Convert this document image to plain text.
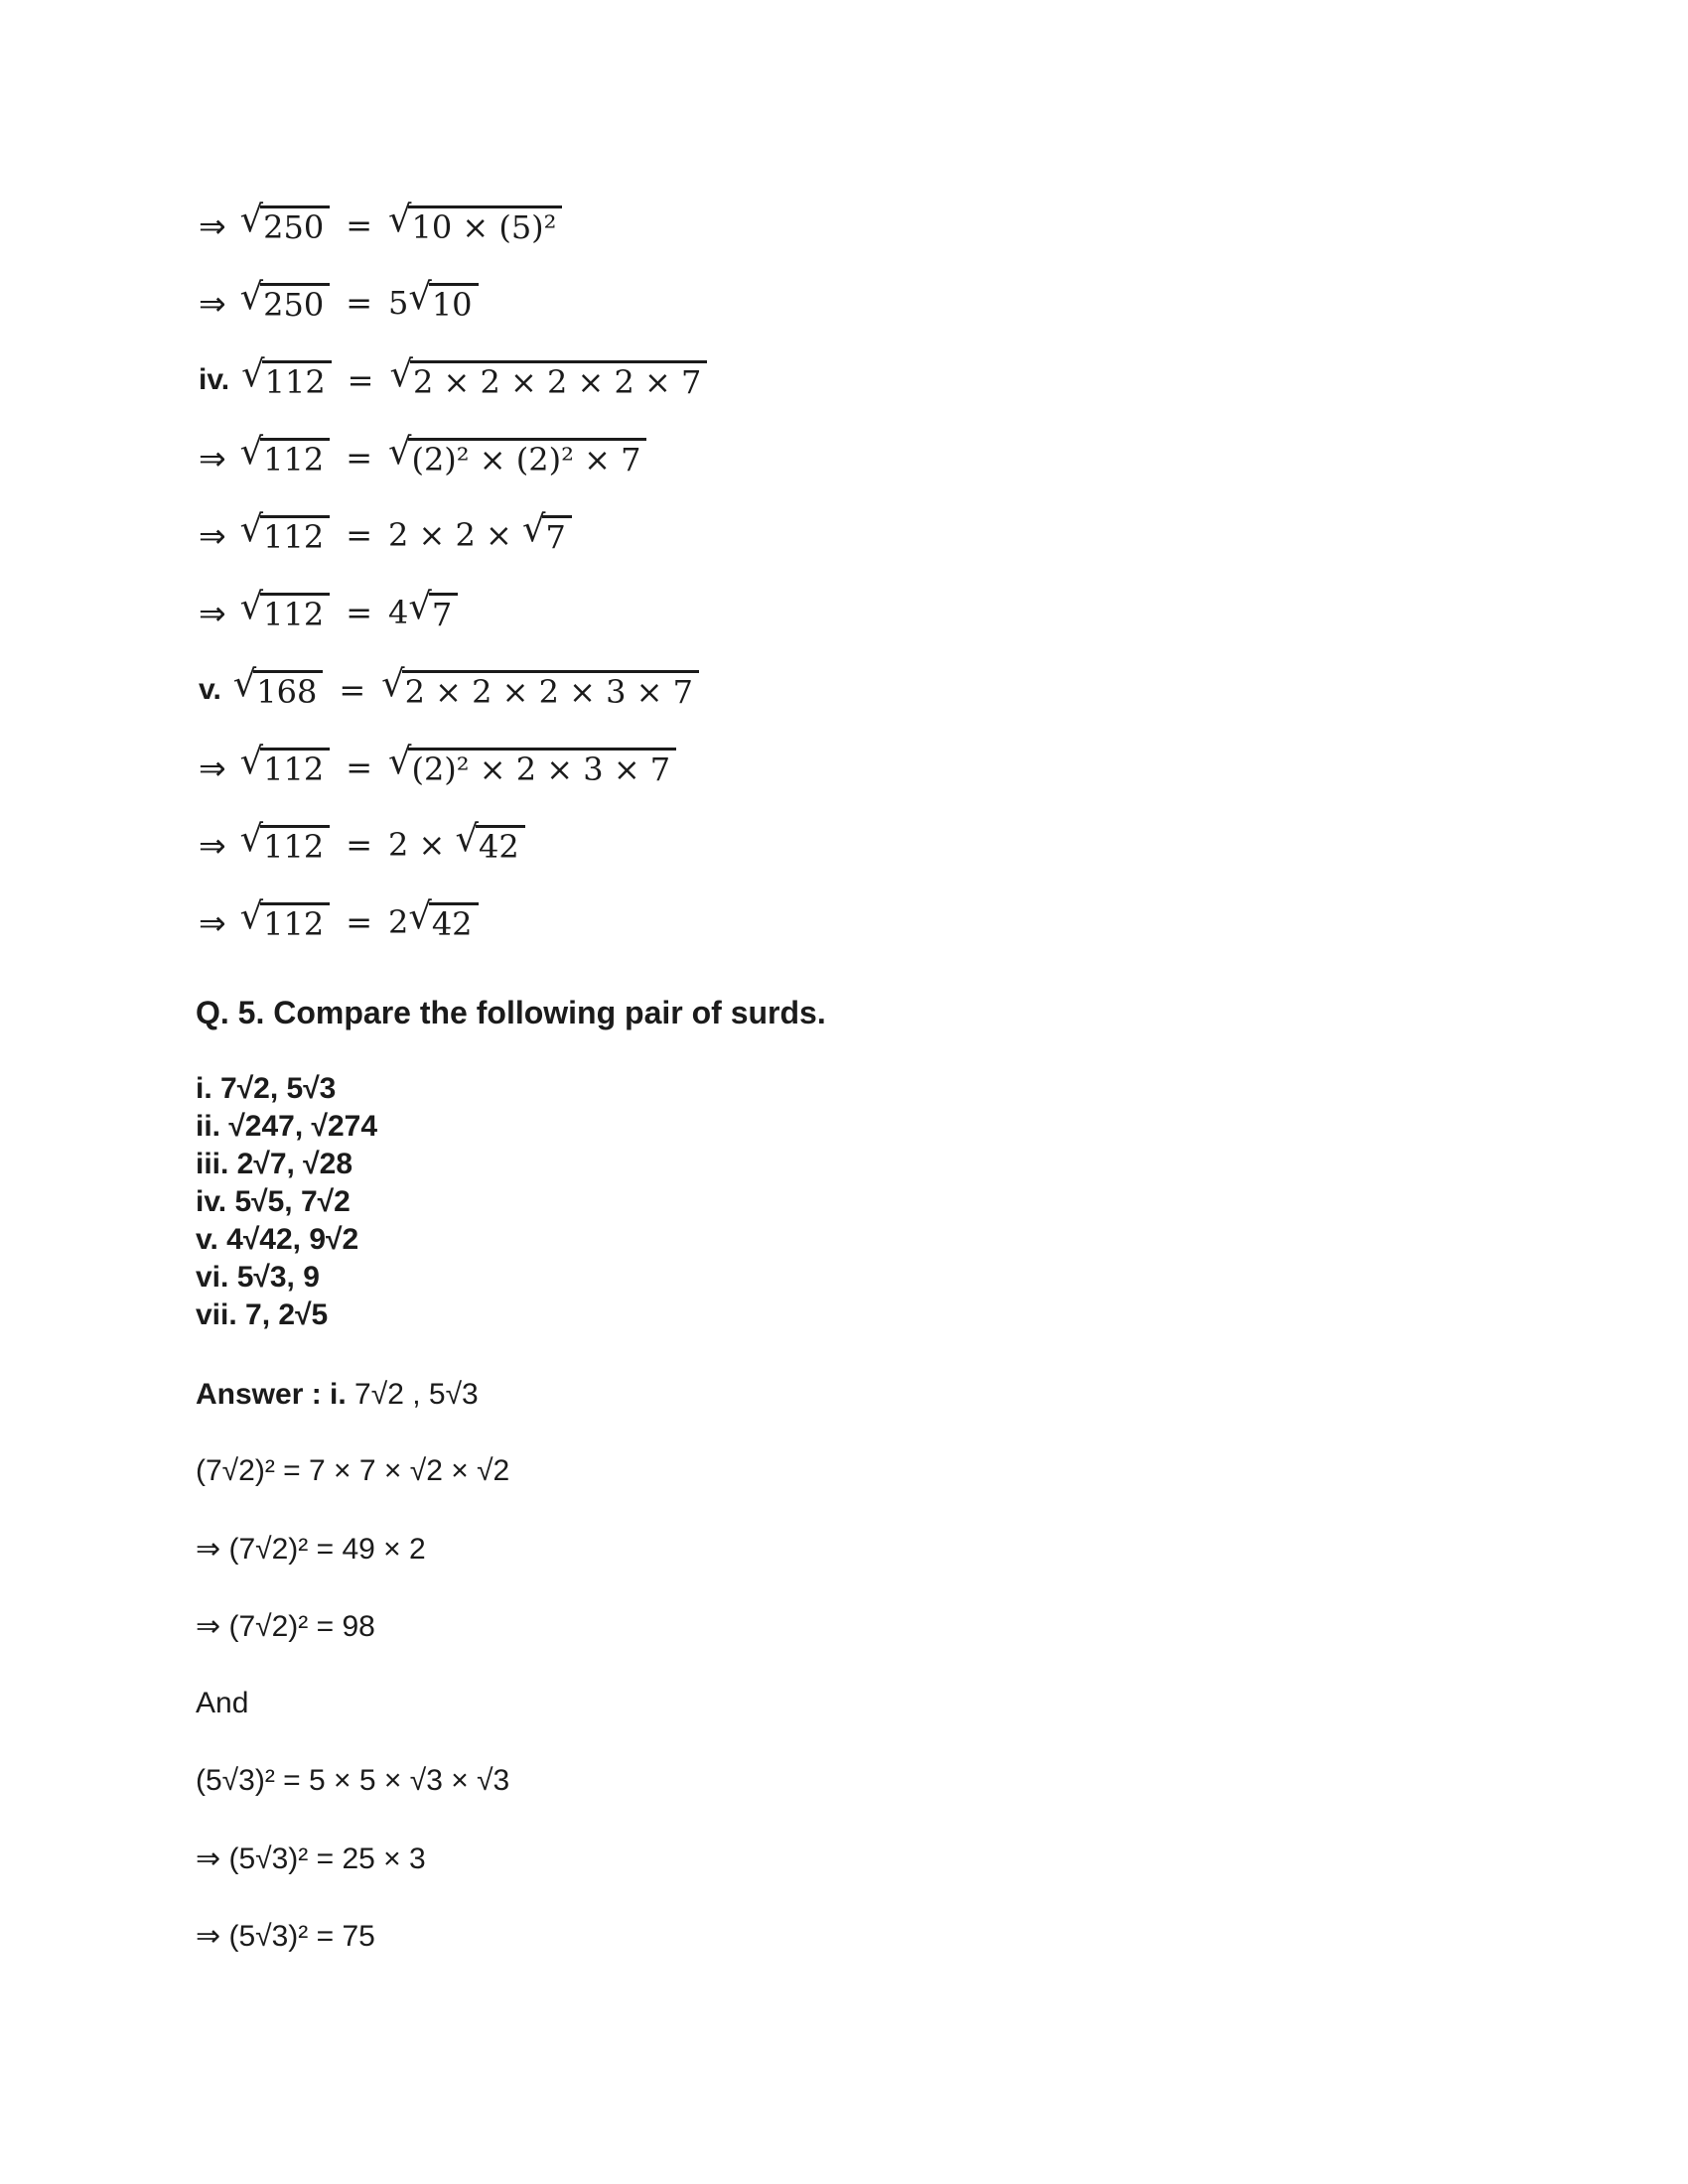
⇒ √ 250 = √ 10 × (5)²
⇒ √ 250 = 5 √ 10
iv. √ 112 = √ 2 × 2 × 2 × 2 × 7
⇒ √ 112 = √ (2)² × (2)² × 7
⇒ √ 112 = 2 × 2 × √ 7
⇒ √ 112 = 4 √ 7
v. √ 168 = √ 2 × 2 × 2 × 3 × 7
⇒ √ 112 = √ (2)² × 2 × 3 × 7
⇒ √ 112 = 2 × √ 42
⇒ √ 112 = 2 √ 42
Q. 5. Compare the following pair of surds.
i. 7√2, 5√3
ii. √247, √274
iii. 2√7, √28
iv. 5√5, 7√2
v. 4√42, 9√2
vi. 5√3, 9
vii. 7, 2√5
Answer : i. 7√2 , 5√3
(7√2)² = 7 × 7 × √2 × √2
⇒ (7√2)² = 49 × 2
⇒ (7√2)² = 98
And
(5√3)² = 5 × 5 × √3 × √3
⇒ (5√3)² = 25 × 3
⇒ (5√3)² = 75
